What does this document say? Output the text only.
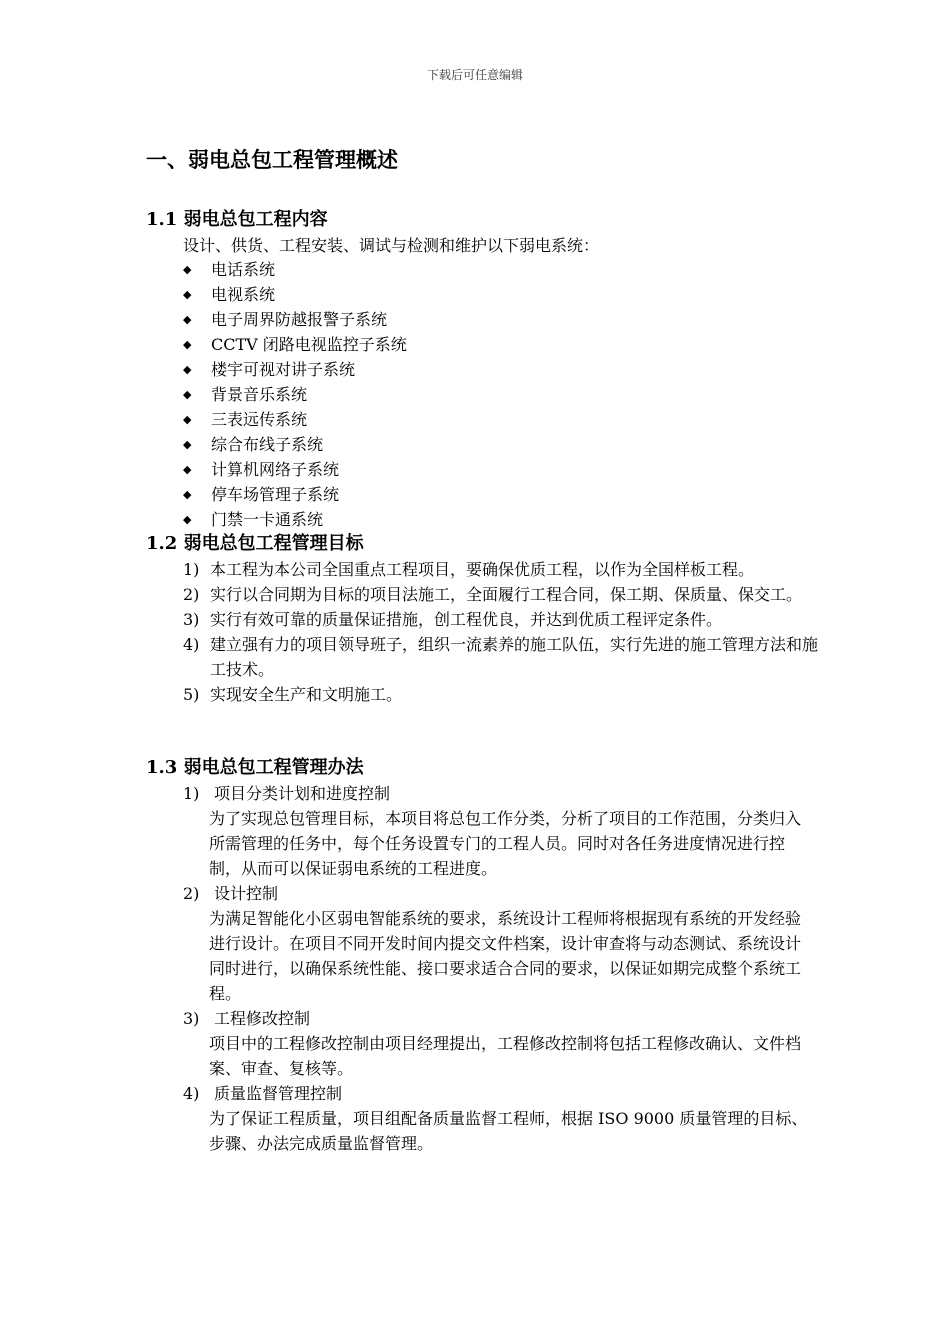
下载后可任意编辑
一、弱电总包工程管理概述
1.1 弱电总包工程内容
设计、供货、工程安装、调试与检测和维护以下弱电系统：
◆	电话系统
◆	电视系统
◆	电子周界防越报警子系统
◆	CCTV 闭路电视监控子系统
◆	楼宇可视对讲子系统
◆	背景音乐系统
◆	三表远传系统
◆	综合布线子系统
◆	计算机网络子系统
◆	停车场管理子系统
◆	门禁一卡通系统
1.2 弱电总包工程管理目标
1) 本工程为本公司全国重点工程项目，要确保优质工程，以作为全国样板工程。
2) 实行以合同期为目标的项目法施工，全面履行工程合同，保工期、保质量、保交工。
3) 实行有效可靠的质量保证措施，创工程优良，并达到优质工程评定条件。
4) 建立强有力的项目领导班子，组织一流素养的施工队伍，实行先进的施工管理方法和施工技术。
5) 实现安全生产和文明施工。
1.3 弱电总包工程管理办法
1) 项目分类计划和进度控制
为了实现总包管理目标，本项目将总包工作分类，分析了项目的工作范围，分类归入所需管理的任务中，每个任务设置专门的工程人员。同时对各任务进度情况进行控制，从而可以保证弱电系统的工程进度。
2) 设计控制
为满足智能化小区弱电智能系统的要求，系统设计工程师将根据现有系统的开发经验进行设计。在项目不同开发时间内提交文件档案，设计审查将与动态测试、系统设计同时进行，以确保系统性能、接口要求适合合同的要求，以保证如期完成整个系统工程。
3) 工程修改控制
项目中的工程修改控制由项目经理提出，工程修改控制将包括工程修改确认、文件档案、审查、复核等。
4) 质量监督管理控制
为了保证工程质量，项目组配备质量监督工程师，根据 ISO 9000 质量管理的目标、步骤、办法完成质量监督管理。
